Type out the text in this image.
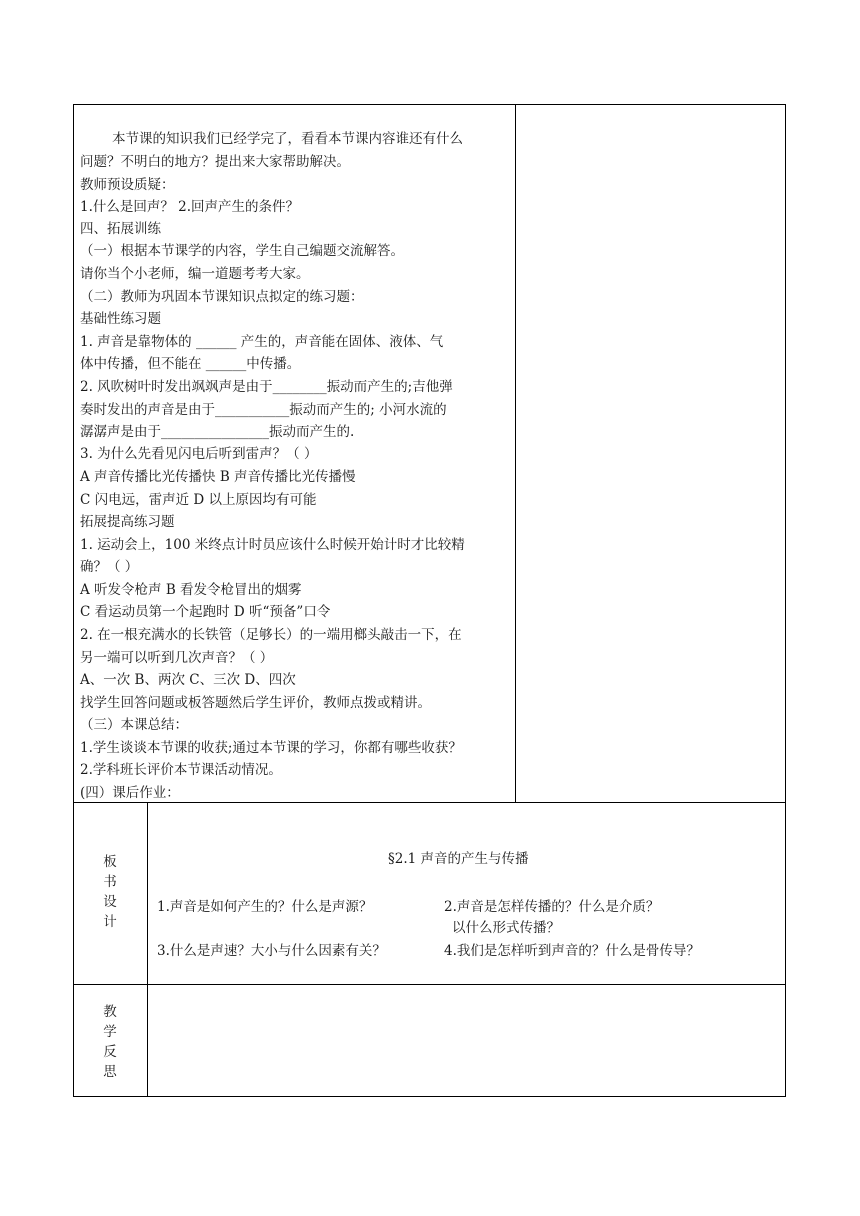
本节课的知识我们已经学完了，看看本节课内容谁还有什么
问题？不明白的地方？提出来大家帮助解决。
教师预设质疑：
1.什么是回声？ 2.回声产生的条件？
四、拓展训练
（一）根据本节课学的内容，学生自己编题交流解答。
请你当个小老师，编一道题考考大家。
（二）教师为巩固本节课知识点拟定的练习题：
基础性练习题
1. 声音是靠物体的 ______ 产生的，声音能在固体、液体、气
体中传播，但不能在 ______中传播。
2. 风吹树叶时发出飒飒声是由于________振动而产生的;吉他弹
奏时发出的声音是由于___________振动而产生的; 小河水流的
潺潺声是由于________________振动而产生的.
3. 为什么先看见闪电后听到雷声？（ ）
A 声音传播比光传播快 B 声音传播比光传播慢
C 闪电远，雷声近 D 以上原因均有可能
拓展提高练习题
1. 运动会上，100 米终点计时员应该什么时候开始计时才比较精
确？（ ）
A 听发令枪声 B 看发令枪冒出的烟雾
C 看运动员第一个起跑时 D 听“预备”口令
2. 在一根充满水的长铁管（足够长）的一端用榔头敲击一下，在
另一端可以听到几次声音？（ ）
A、一次 B、两次 C、三次 D、四次
找学生回答问题或板答题然后学生评价，教师点拨或精讲。
（三）本课总结：
1.学生谈谈本节课的收获;通过本节课的学习，你都有哪些收获？
2.学科班长评价本节课活动情况。
(四）课后作业：
板
书
设
计
§2.1 声音的产生与传播
1.声音是如何产生的？什么是声源？	2.声音是怎样传播的？什么是介质？
以什么形式传播？
3.什么是声速？大小与什么因素有关？	4.我们是怎样听到声音的？什么是骨传导？
教
学
反
思
